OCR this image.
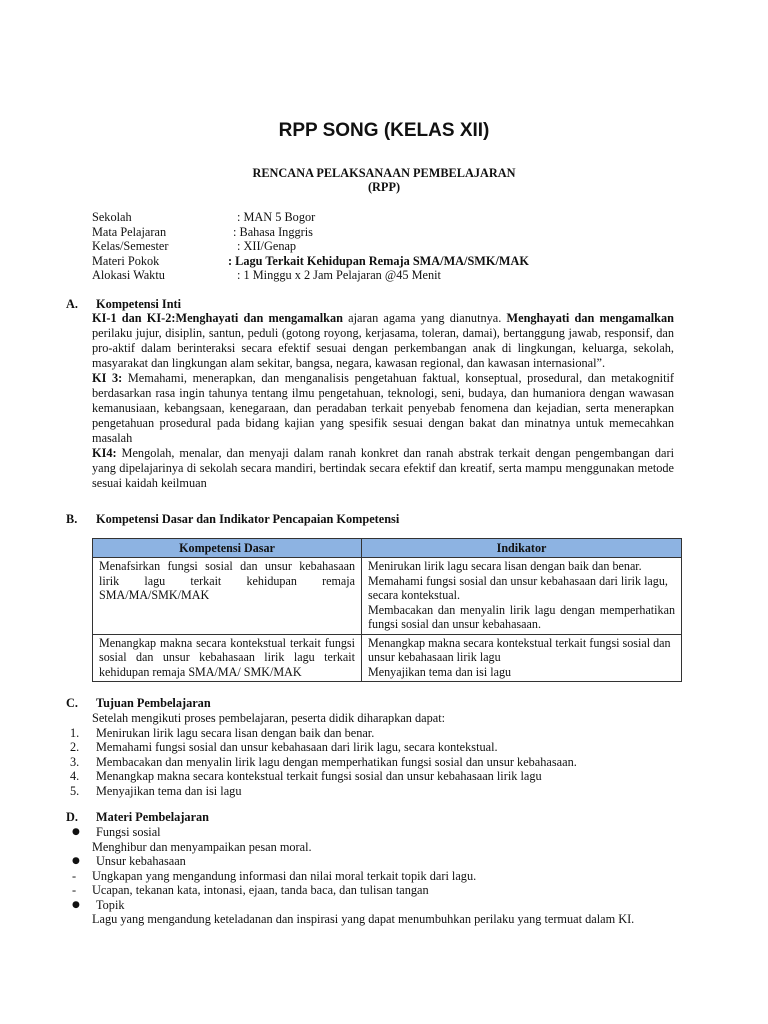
RPP SONG (KELAS XII)
RENCANA PELAKSANAAN PEMBELAJARAN
(RPP)
Sekolah	: MAN 5 Bogor
Mata Pelajaran	: Bahasa Inggris
Kelas/Semester	: XII/Genap
Materi Pokok	: Lagu Terkait Kehidupan Remaja SMA/MA/SMK/MAK
Alokasi Waktu	: 1 Minggu x 2 Jam Pelajaran @45 Menit
A. Kompetensi Inti

KI-1 dan KI-2:Menghayati dan mengamalkan ajaran agama yang dianutnya. Menghayati dan mengamalkan perilaku jujur, disiplin, santun, peduli (gotong royong, kerjasama, toleran, damai), bertanggung jawab, responsif, dan pro-aktif dalam berinteraksi secara efektif sesuai dengan perkembangan anak di lingkungan, keluarga, sekolah, masyarakat dan lingkungan alam sekitar, bangsa, negara, kawasan regional, dan kawasan internasional”.

KI 3: Memahami, menerapkan, dan menganalisis pengetahuan faktual, konseptual, prosedural, dan metakognitif berdasarkan rasa ingin tahunya tentang ilmu pengetahuan, teknologi, seni, budaya, dan humaniora dengan wawasan kemanusiaan, kebangsaan, kenegaraan, dan peradaban terkait penyebab fenomena dan kejadian, serta menerapkan pengetahuan prosedural pada bidang kajian yang spesifik sesuai dengan bakat dan minatnya untuk memecahkan masalah

KI4: Mengolah, menalar, dan menyaji dalam ranah konkret dan ranah abstrak terkait dengan pengembangan dari yang dipelajarinya di sekolah secara mandiri, bertindak secara efektif dan kreatif, serta mampu menggunakan metode sesuai kaidah keilmuan

B. Kompetensi Dasar dan Indikator Pencapaian Kompetensi
Kompetensi Dasar	Indikator
Menafsirkan fungsi sosial dan unsur kebahasaan lirik lagu terkait kehidupan remaja SMA/MA/SMK/MAK	Menirukan lirik lagu secara lisan dengan baik dan benar.
Memahami fungsi sosial dan unsur kebahasaan dari lirik lagu, secara kontekstual.
Membacakan dan menyalin lirik lagu dengan memperhatikan fungsi sosial dan unsur kebahasaan.

Menangkap makna secara kontekstual terkait fungsi sosial dan unsur kebahasaan lirik lagu terkait kehidupan remaja SMA/MA/ SMK/MAK	Menangkap makna secara kontekstual terkait fungsi sosial dan unsur kebahasaan lirik lagu
Menyajikan tema dan isi lagu
C. Tujuan Pembelajaran
Setelah mengikuti proses pembelajaran, peserta didik diharapkan dapat:
1. Menirukan lirik lagu secara lisan dengan baik dan benar.
2. Memahami fungsi sosial dan unsur kebahasaan dari lirik lagu, secara kontekstual.
3. Membacakan dan menyalin lirik lagu dengan memperhatikan fungsi sosial dan unsur kebahasaan.
4. Menangkap makna secara kontekstual terkait fungsi sosial dan unsur kebahasaan lirik lagu
5. Menyajikan tema dan isi lagu
D. Materi Pembelajaran
● Fungsi sosial
Menghibur dan menyampaikan pesan moral.
● Unsur kebahasaan
- Ungkapan yang mengandung informasi dan nilai moral terkait topik dari lagu.
- Ucapan, tekanan kata, intonasi, ejaan, tanda baca, dan tulisan tangan
● Topik
Lagu yang mengandung keteladanan dan inspirasi yang dapat menumbuhkan perilaku yang termuat dalam KI.
